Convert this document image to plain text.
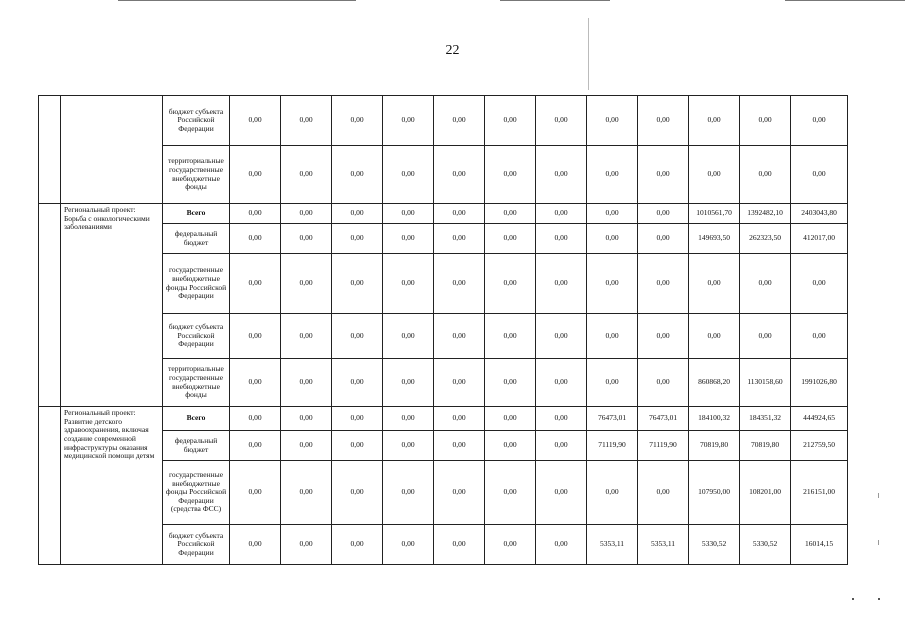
22
		бюджет субъекта Российской Федерации	0,00	0,00	0,00	0,00	0,00	0,00	0,00	0,00	0,00	0,00	0,00	0,00
		территориальные государственные внебюджетные фонды	0,00	0,00	0,00	0,00	0,00	0,00	0,00	0,00	0,00	0,00	0,00	0,00
	Региональный проект: Борьба с онкологическими заболеваниями	Всего	0,00	0,00	0,00	0,00	0,00	0,00	0,00	0,00	0,00	1010561,70	1392482,10	2403043,80
		федеральный бюджет	0,00	0,00	0,00	0,00	0,00	0,00	0,00	0,00	0,00	149693,50	262323,50	412017,00
		государственные внебюджетные фонды Российской Федерации	0,00	0,00	0,00	0,00	0,00	0,00	0,00	0,00	0,00	0,00	0,00	0,00
		бюджет субъекта Российской Федерации	0,00	0,00	0,00	0,00	0,00	0,00	0,00	0,00	0,00	0,00	0,00	0,00
		территориальные государственные внебюджетные фонды	0,00	0,00	0,00	0,00	0,00	0,00	0,00	0,00	0,00	860868,20	1130158,60	1991026,80
	Региональный проект: Развитие детского здравоохранения, включая создание современной инфраструктуры оказания медицинской помощи детям	Всего	0,00	0,00	0,00	0,00	0,00	0,00	0,00	76473,01	76473,01	184100,32	184351,32	444924,65
		федеральный бюджет	0,00	0,00	0,00	0,00	0,00	0,00	0,00	71119,90	71119,90	70819,80	70819,80	212759,50
		государственные внебюджетные фонды Российской Федерации (средства ФСС)	0,00	0,00	0,00	0,00	0,00	0,00	0,00	0,00	0,00	107950,00	108201,00	216151,00
		бюджет субъекта Российской Федерации	0,00	0,00	0,00	0,00	0,00	0,00	0,00	5353,11	5353,11	5330,52	5330,52	16014,15
